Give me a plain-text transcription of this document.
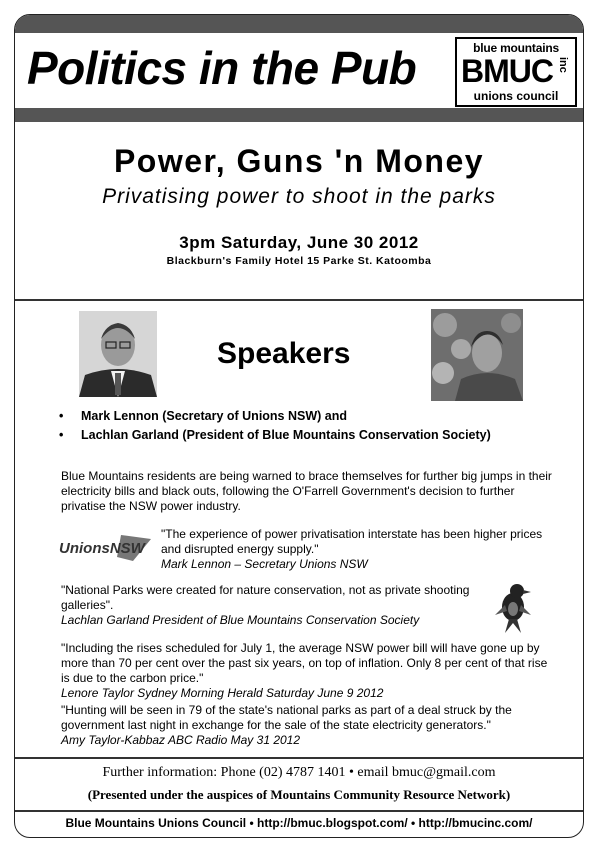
Politics in the Pub	blue mountains
BMUC inc
unions council
Power, Guns 'n Money
Privatising power to shoot in the parks
3pm Saturday, June 30 2012
Blackburn's Family Hotel 15 Parke St. Katoomba
Speakers
• Mark Lennon (Secretary of Unions NSW) and
• Lachlan Garland (President of Blue Mountains Conservation Society)
Blue Mountains residents are being warned to brace themselves for further big jumps in their electricity bills and black outs, following the O'Farrell Government's decision to further privatise the NSW power industry.
UnionsNSW
"The experience of power privatisation interstate has been higher prices and disrupted energy supply."
Mark Lennon – Secretary Unions NSW
"National Parks were created for nature conservation, not as private shooting galleries".
Lachlan Garland President of Blue Mountains Conservation Society
"Including the rises scheduled for July 1, the average NSW power bill will have gone up by more than 70 per cent over the past six years, on top of inflation. Only 8 per cent of that rise is due to the carbon price."
Lenore Taylor Sydney Morning Herald Saturday June 9 2012
"Hunting will be seen in 79 of the state's national parks as part of a deal struck by the government last night in exchange for the sale of the state electricity generators."
Amy Taylor-Kabbaz ABC Radio May 31 2012
Further information: Phone (02) 4787 1401 • email bmuc@gmail.com
(Presented under the auspices of Mountains Community Resource Network)
Blue Mountains Unions Council • http://bmuc.blogspot.com/ • http://bmucinc.com/
